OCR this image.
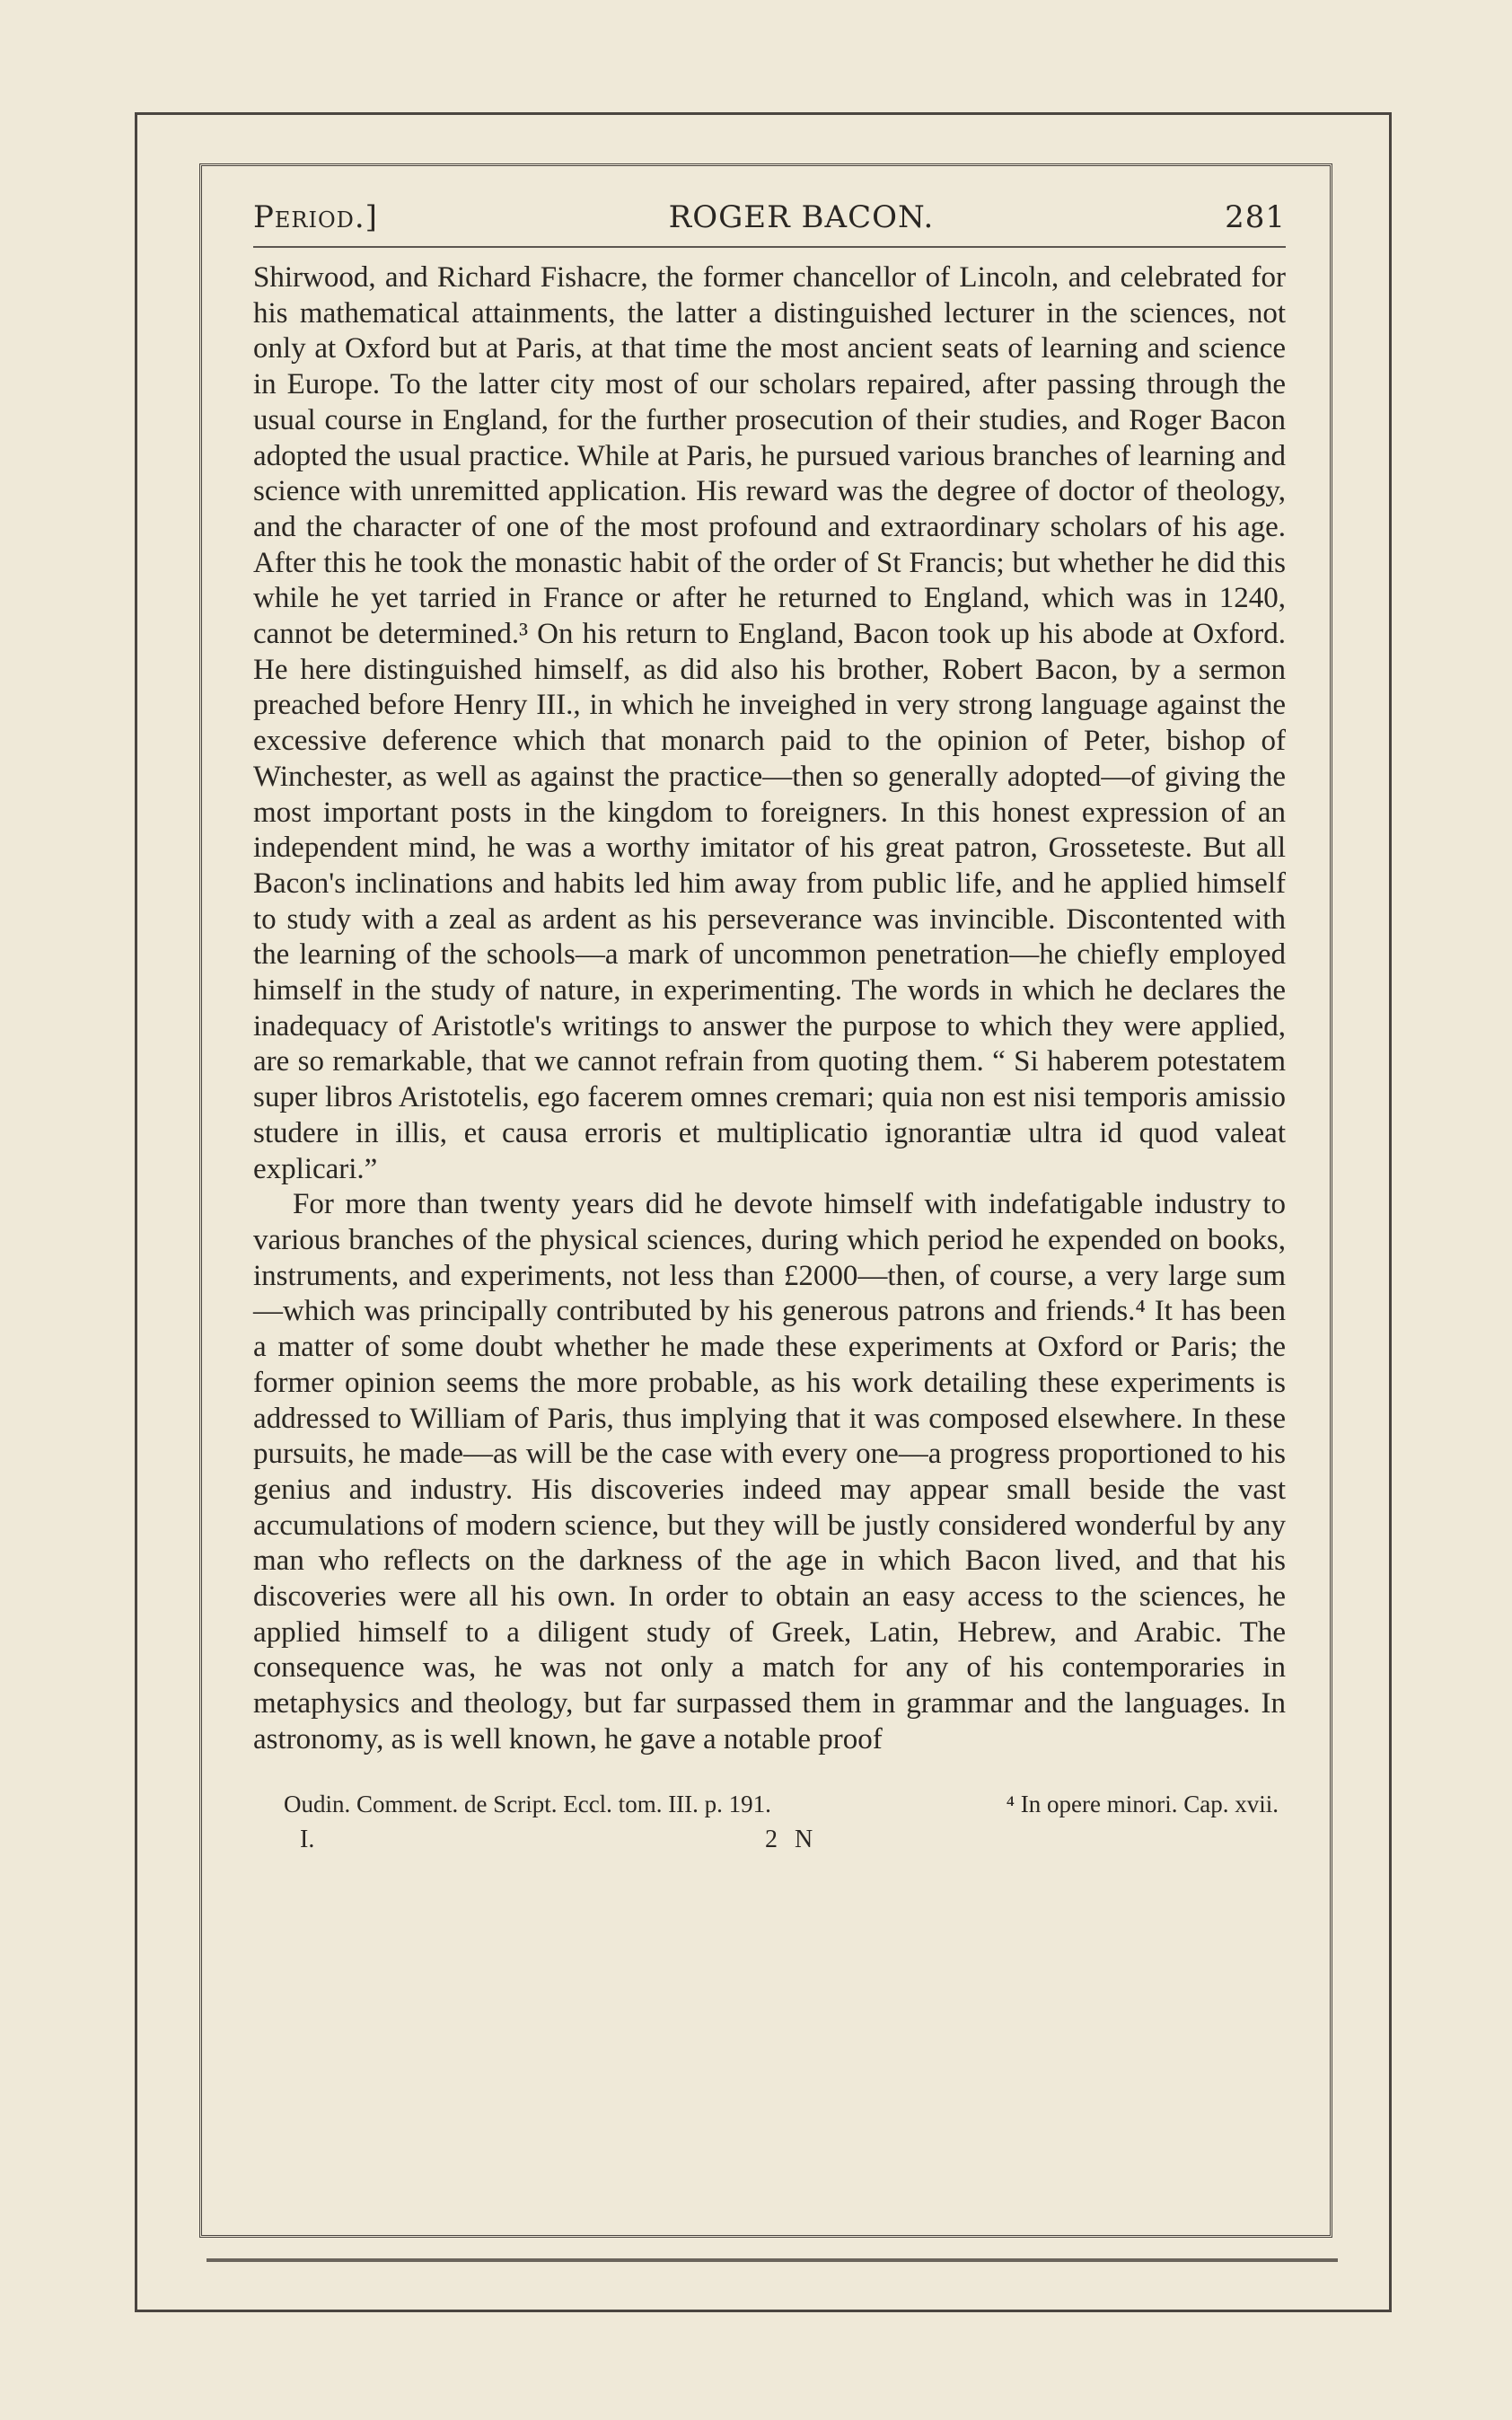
Period.]	ROGER BACON.	281

Shirwood, and Richard Fishacre, the former chancellor of Lincoln, and celebrated for his mathematical attainments, the latter a distinguished lecturer in the sciences, not only at Oxford but at Paris, at that time the most ancient seats of learning and science in Europe. To the latter city most of our scholars repaired, after passing through the usual course in England, for the further prosecution of their studies, and Roger Bacon adopted the usual practice. While at Paris, he pursued various branches of learning and science with unremitted application. His reward was the degree of doctor of theology, and the character of one of the most profound and extraordinary scholars of his age. After this he took the monastic habit of the order of St Francis; but whether he did this while he yet tarried in France or after he returned to England, which was in 1240, cannot be determined.³ On his return to England, Bacon took up his abode at Oxford. He here distinguished himself, as did also his brother, Robert Bacon, by a sermon preached before Henry III., in which he inveighed in very strong language against the excessive deference which that monarch paid to the opinion of Peter, bishop of Winchester, as well as against the practice—then so generally adopted—of giving the most important posts in the kingdom to foreigners. In this honest expression of an independent mind, he was a worthy imitator of his great patron, Grosseteste. But all Bacon's inclinations and habits led him away from public life, and he applied himself to study with a zeal as ardent as his perseverance was invincible. Discontented with the learning of the schools—a mark of uncommon penetration—he chiefly employed himself in the study of nature, in experimenting. The words in which he declares the inadequacy of Aristotle's writings to answer the purpose to which they were applied, are so remarkable, that we cannot refrain from quoting them. “ Si haberem potestatem super libros Aristotelis, ego facerem omnes cremari; quia non est nisi temporis amissio studere in illis, et causa erroris et multiplicatio ignorantiæ ultra id quod valeat explicari.”

For more than twenty years did he devote himself with indefatigable industry to various branches of the physical sciences, during which period he expended on books, instruments, and experiments, not less than £2000—then, of course, a very large sum—which was principally contributed by his generous patrons and friends.⁴ It has been a matter of some doubt whether he made these experiments at Oxford or Paris; the former opinion seems the more probable, as his work detailing these experiments is addressed to William of Paris, thus implying that it was composed elsewhere. In these pursuits, he made—as will be the case with every one—a progress proportioned to his genius and industry. His discoveries indeed may appear small beside the vast accumulations of modern science, but they will be justly considered wonderful by any man who reflects on the darkness of the age in which Bacon lived, and that his discoveries were all his own. In order to obtain an easy access to the sciences, he applied himself to a diligent study of Greek, Latin, Hebrew, and Arabic. The consequence was, he was not only a match for any of his contemporaries in metaphysics and theology, but far surpassed them in grammar and the languages. In astronomy, as is well known, he gave a notable proof

Oudin. Comment. de Script. Eccl. tom. III. p. 191.	⁴ In opere minori. Cap. xvii.
I.	2 N
